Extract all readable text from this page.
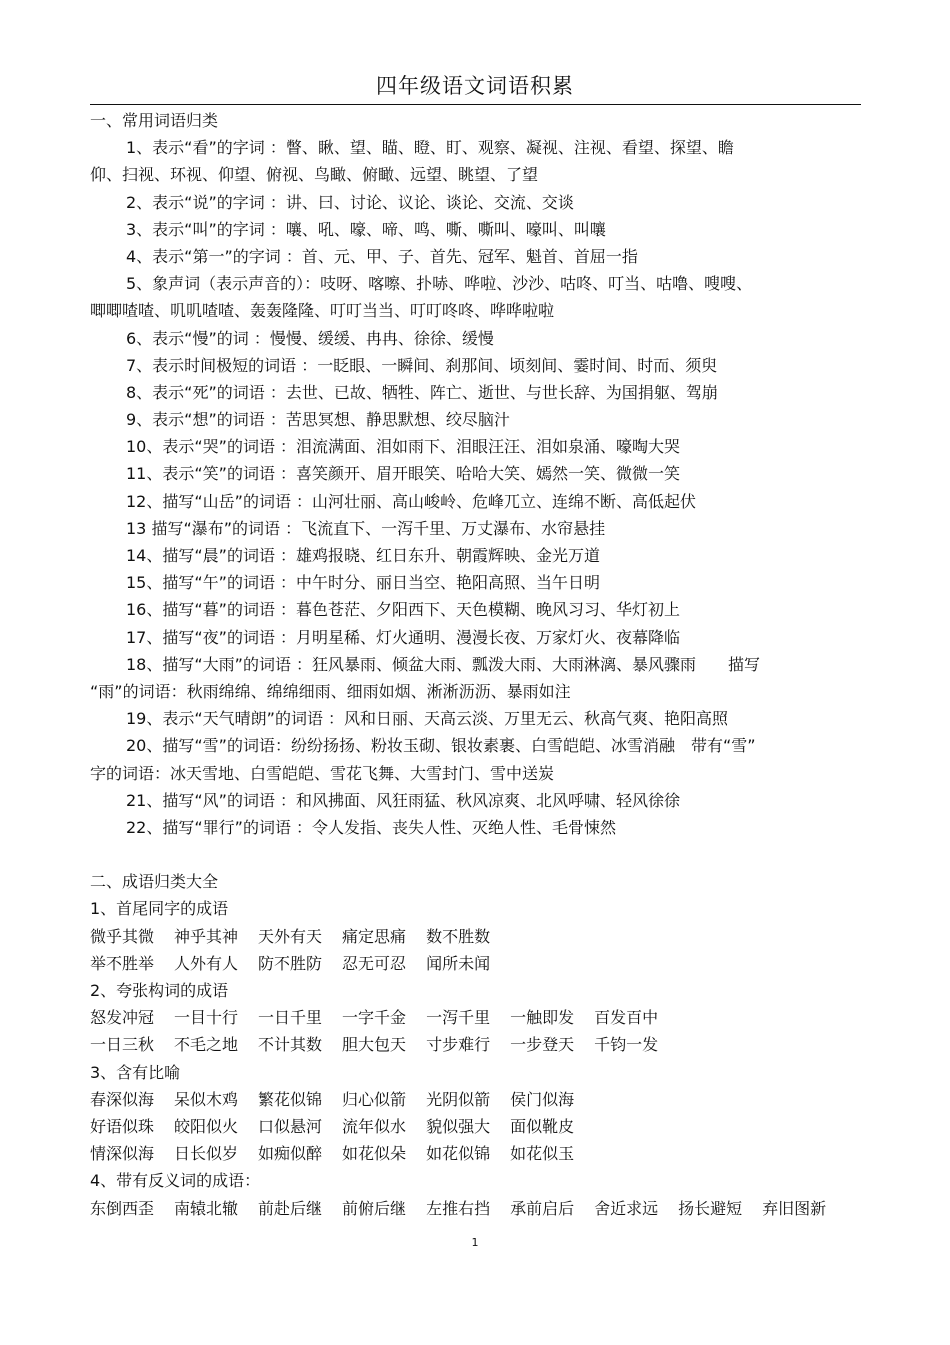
四年级语文词语积累
一、常用词语归类
1、表示“看”的字词 ：瞥、瞅、望、瞄、瞪、盯、观察、凝视、注视、看望、探望、瞻
仰、扫视、环视、仰望、俯视、鸟瞰、俯瞰、远望、眺望、了望
2、表示“说”的字词 ：讲、曰、讨论、议论、谈论、交流、交谈
3、表示“叫”的字词 ：嚷、吼、嚎、啼、鸣、嘶、嘶叫、嚎叫、叫嚷
4、表示“第一”的字词 ：首、元、甲、子、首先、冠军、魁首、首屈一指
5、象声词（表示声音的）：吱呀、喀嚓、扑哧、哗啦、沙沙、咕咚、叮当、咕噜、嗖嗖、
唧唧喳喳、叽叽喳喳、轰轰隆隆、叮叮当当、叮叮咚咚、哗哗啦啦
6、表示“慢”的词 ：慢慢、缓缓、冉冉、徐徐、缓慢
7、表示时间极短的词语 ：一眨眼、一瞬间、刹那间、顷刻间、霎时间、时而、须臾
8、表示“死”的词语 ：去世、已故、牺牲、阵亡、逝世、与世长辞、为国捐躯、驾崩
9、表示“想”的词语 ：苦思冥想、静思默想、绞尽脑汁
10、表示“哭”的词语 ：泪流满面、泪如雨下、泪眼汪汪、泪如泉涌、嚎啕大哭
11、表示“笑”的词语 ：喜笑颜开、眉开眼笑、哈哈大笑、嫣然一笑、微微一笑
12、描写“山岳”的词语 ：山河壮丽、高山峻岭、危峰兀立、连绵不断、高低起伏
13 描写“瀑布”的词语 ：飞流直下、一泻千里、万丈瀑布、水帘悬挂
14、描写“晨”的词语 ：雄鸡报晓、红日东升、朝霞辉映、金光万道
15、描写“午”的词语 ：中午时分、丽日当空、艳阳高照、当午日明
16、描写“暮”的词语 ：暮色苍茫、夕阳西下、天色模糊、晚风习习、华灯初上
17、描写“夜”的词语 ：月明星稀、灯火通明、漫漫长夜、万家灯火、夜幕降临
18、描写“大雨”的词语 ：狂风暴雨、倾盆大雨、瓢泼大雨、大雨淋漓、暴风骤雨　　描写
“雨”的词语：秋雨绵绵、绵绵细雨、细雨如烟、淅淅沥沥、暴雨如注
19、表示“天气晴朗”的词语 ：风和日丽、天高云淡、万里无云、秋高气爽、艳阳高照
20、描写“雪”的词语：纷纷扬扬、粉妆玉砌、银妆素裹、白雪皑皑、冰雪消融　带有“雪”
字的词语：冰天雪地、白雪皑皑、雪花飞舞、大雪封门、雪中送炭
21、描写“风”的词语 ：和风拂面、风狂雨猛、秋风凉爽、北风呼啸、轻风徐徐
22、描写“罪行”的词语 ：令人发指、丧失人性、灭绝人性、毛骨悚然
二、成语归类大全
1、首尾同字的成语
微乎其微 神乎其神 天外有天 痛定思痛 数不胜数
举不胜举 人外有人 防不胜防 忍无可忍 闻所未闻
2、夸张构词的成语
怒发冲冠 一目十行 一日千里 一字千金 一泻千里 一触即发 百发百中
一日三秋 不毛之地 不计其数 胆大包天 寸步难行 一步登天 千钧一发
3、含有比喻
春深似海 呆似木鸡 繁花似锦 归心似箭 光阴似箭 侯门似海
好语似珠 皎阳似火 口似悬河 流年似水 貌似强大 面似靴皮
情深似海 日长似岁 如痴似醉 如花似朵 如花似锦 如花似玉
4、带有反义词的成语：
东倒西歪 南辕北辙 前赴后继 前俯后继 左推右挡 承前启后 舍近求远 扬长避短 弃旧图新
1
